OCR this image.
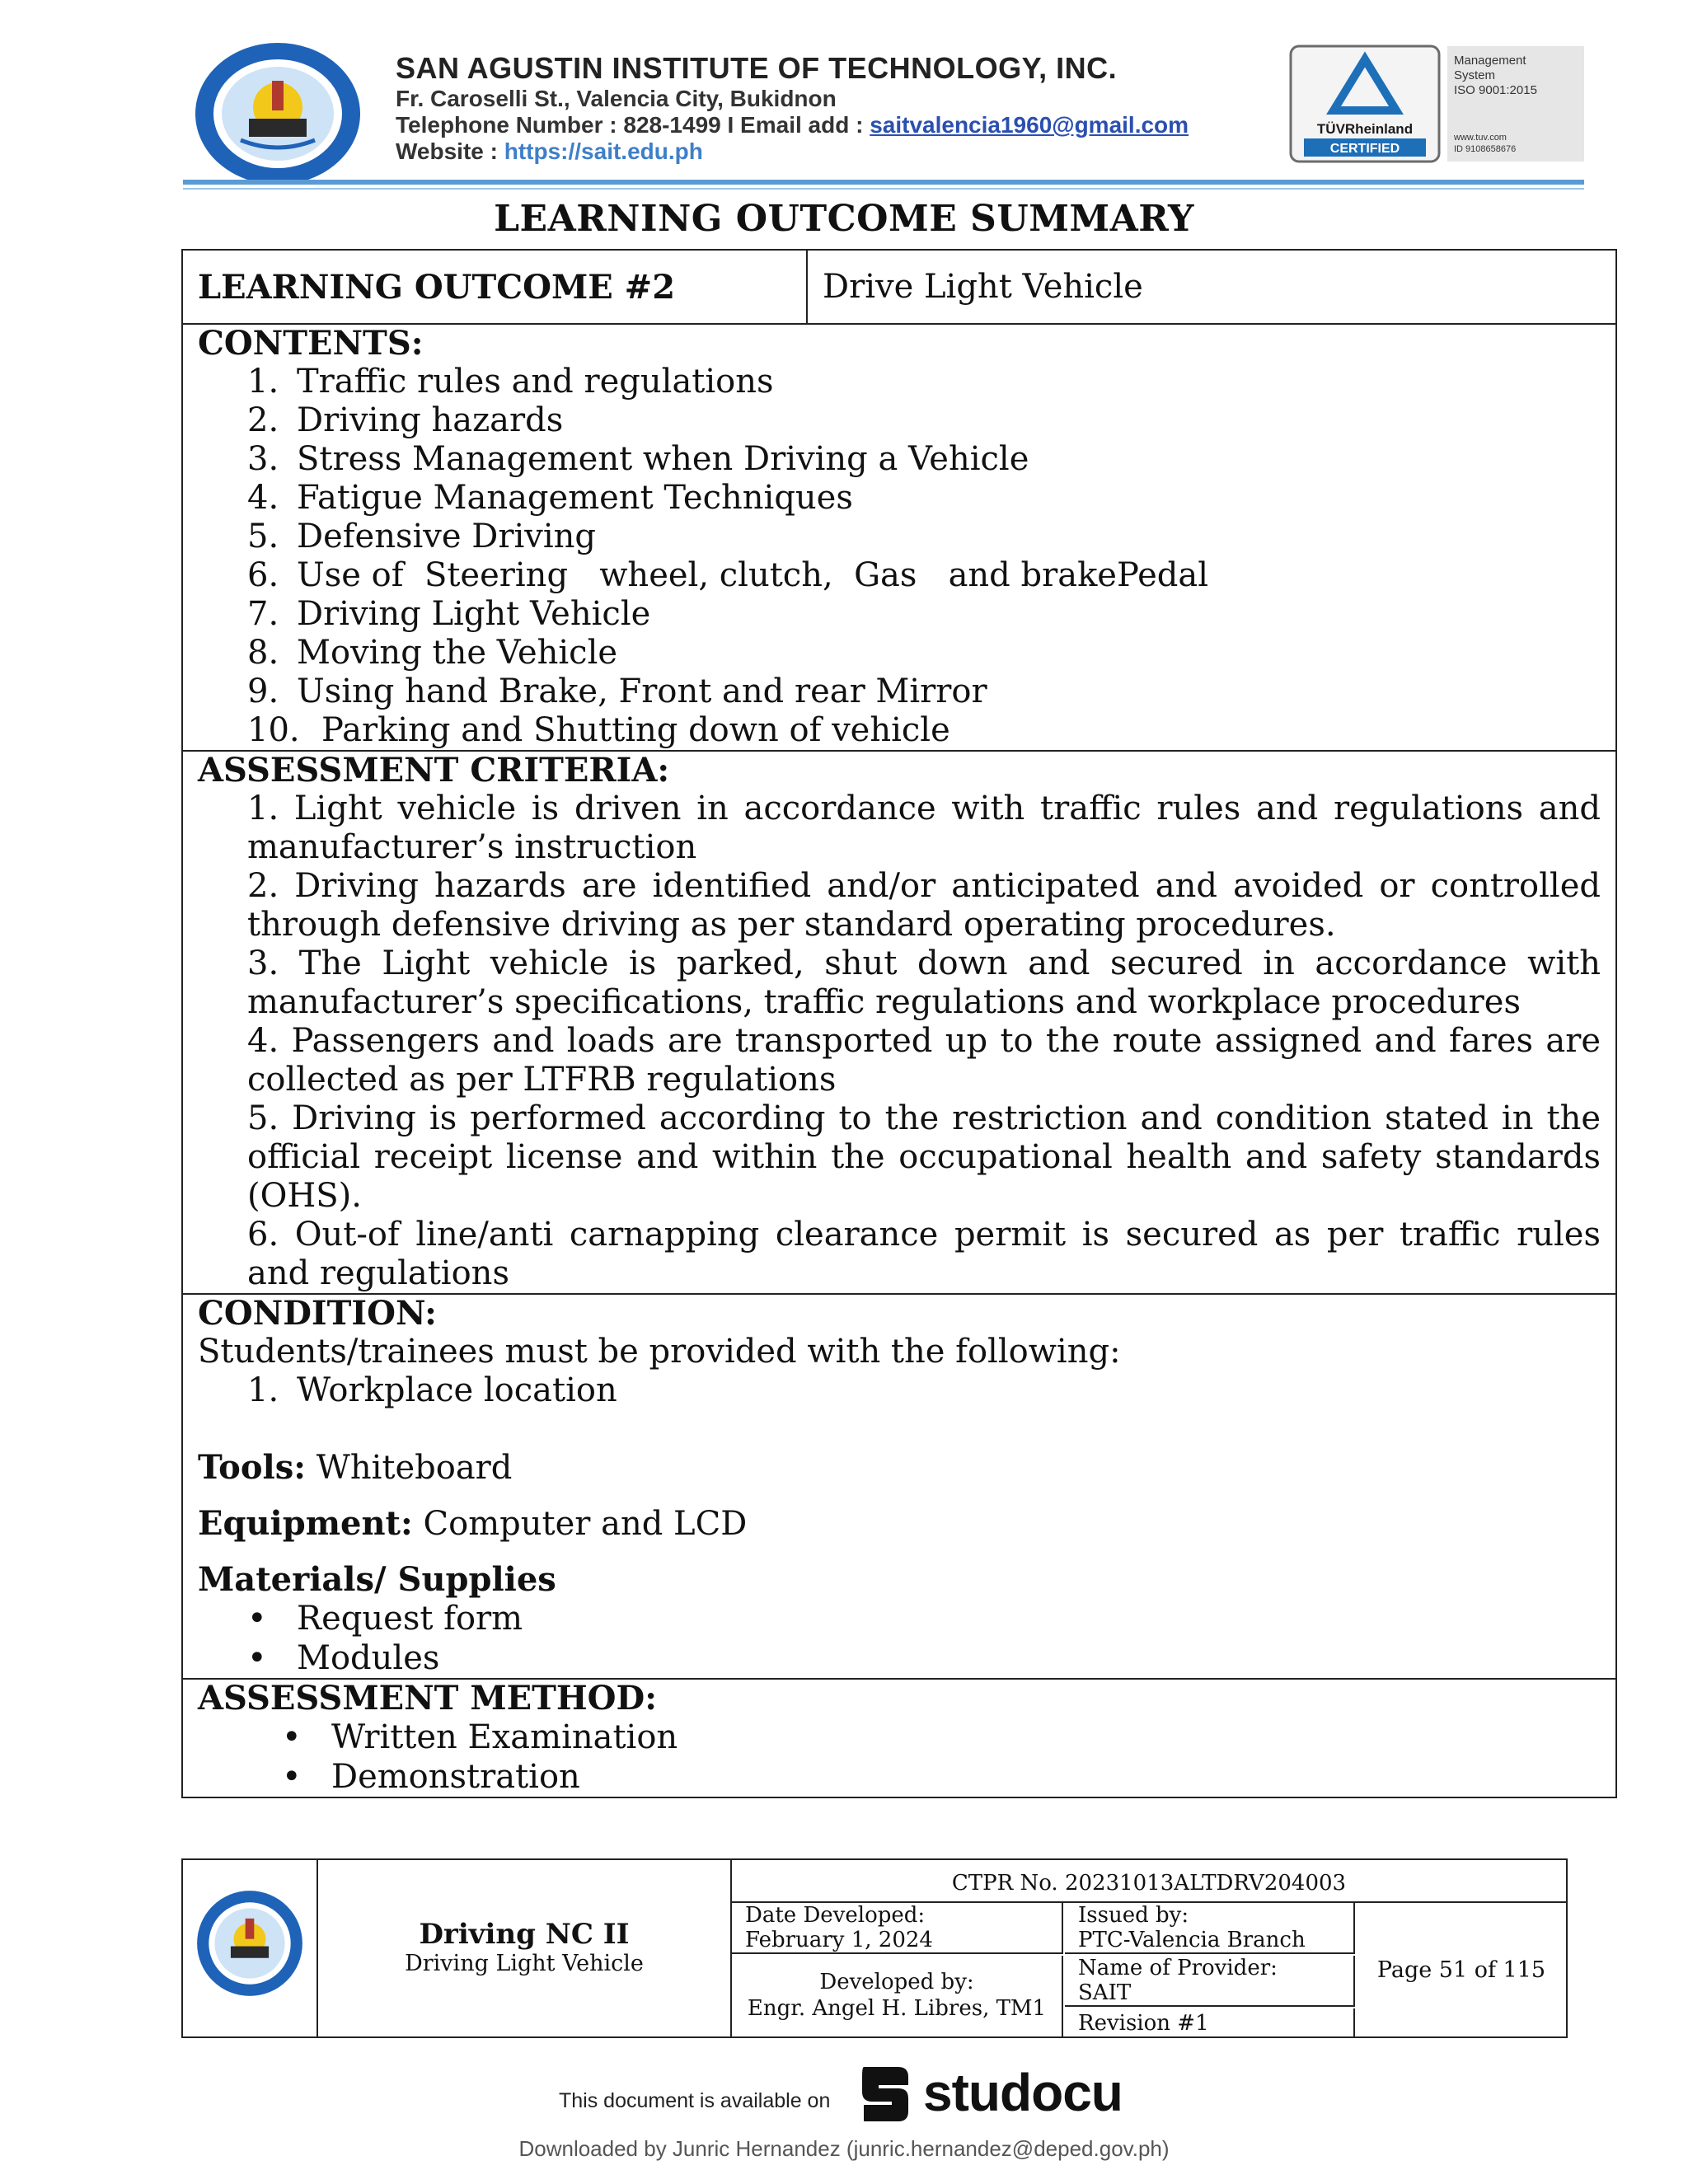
SAN AGUSTIN INSTITUTE OF TECHNOLOGY, INC.
Fr. Caroselli St., Valencia City, Bukidnon
Telephone Number : 828-1499 I Email add : saitvalencia1960@gmail.com
Website : https://sait.edu.ph
TÜVRheinland
CERTIFIED
Management
System
ISO 9001:2015
www.tuv.com
ID 9108658676
LEARNING OUTCOME SUMMARY
LEARNING OUTCOME #2	Drive Light Vehicle
CONTENTS:
1. Traffic rules and regulations
2. Driving hazards
3. Stress Management when Driving a Vehicle
4. Fatigue Management Techniques
5. Defensive Driving
6. Use of  Steering   wheel, clutch,  Gas   and brakePedal
7. Driving Light Vehicle
8. Moving the Vehicle
9. Using hand Brake, Front and rear Mirror
10. Parking and Shutting down of vehicle
ASSESSMENT CRITERIA:
1. Light vehicle is driven in accordance with traffic rules and regulations and manufacturer’s instruction
2. Driving hazards are identified and/or anticipated and avoided or controlled through defensive driving as per standard operating procedures.
3. The Light vehicle is parked, shut down and secured in accordance with manufacturer’s specifications, traffic regulations and workplace procedures
4. Passengers and loads are transported up to the route assigned and fares are collected as per LTFRB regulations
5. Driving is performed according to the restriction and condition stated in the official receipt license and within the occupational health and safety standards (OHS).
6. Out-of line/anti carnapping clearance permit is secured as per traffic rules and regulations
CONDITION:
Students/trainees must be provided with the following:
1. Workplace location
Tools: Whiteboard
Equipment: Computer and LCD
Materials/ Supplies
• Request form
• Modules
ASSESSMENT METHOD:
• Written Examination
• Demonstration
Driving NC II
Driving Light Vehicle
CTPR No. 20231013ALTDRV204003
Date Developed:
February 1, 2024
Developed by:
Engr. Angel H. Libres, TM1
Issued by:
PTC-Valencia Branch
Name of Provider:
SAIT
Revision #1
Page 51 of 115
This document is available on studocu
Downloaded by Junric Hernandez (junric.hernandez@deped.gov.ph)
